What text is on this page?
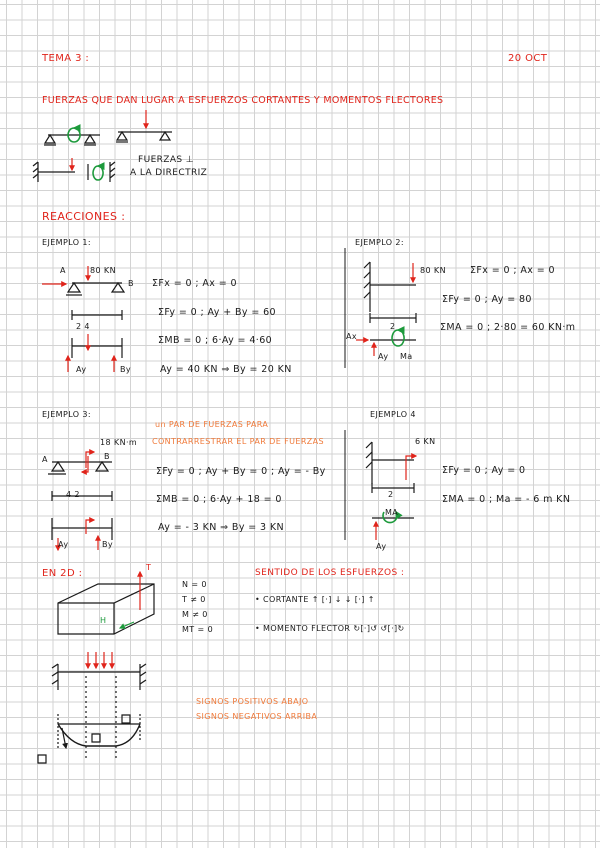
TEMA 3 :	20 OCT
FUERZAS QUE DAN LUGAR A ESFUERZOS CORTANTES Y MOMENTOS FLECTORES
FUERZAS ⊥
A LA DIRECTRIZ
REACCIONES :
EJEMPLO 1:
A	80 KN
B ΣFx = 0 ; Ax = 0
ΣFy = 0 ; Ay + By = 60
2 4
ΣMB = 0 ; 6·Ay = 4·60
Ay	By	Ay = 40 KN ⇒ By = 20 KN
EJEMPLO 2:
80 KN	ΣFx = 0 ; Ax = 0
ΣFy = 0 ; Ay = 80
2	ΣMA = 0 ; 2·80 = 60 KN·m
Ax
Ay Ma
EJEMPLO 3:
un PAR DE FUERZAS PARA
CONTRARRESTRAR EL PAR DE FUERZAS
18 KN·m
A	B
ΣFy = 0 ; Ay + By = 0 ; Ay = - By
4 2	ΣMB = 0 ; 6·Ay + 18 = 0
Ay = - 3 KN ⇒ By = 3 KN
Ay	By
EJEMPLO 4
6 KN
ΣFy = 0 ; Ay = 0
2	ΣMA = 0 ; Ma = - 6 m KN
MA
Ay
EN 2D :
T
H
N = 0
T ≠ 0
M ≠ 0
MT = 0
SENTIDO DE LOS ESFUERZOS :
• CORTANTE ↑ [·] ↓ ↓ [·] ↑
• MOMENTO FLECTOR ↻[·]↺ ↺[·]↻
SIGNOS POSITIVOS ABAJO
SIGNOS NEGATIVOS ARRIBA
